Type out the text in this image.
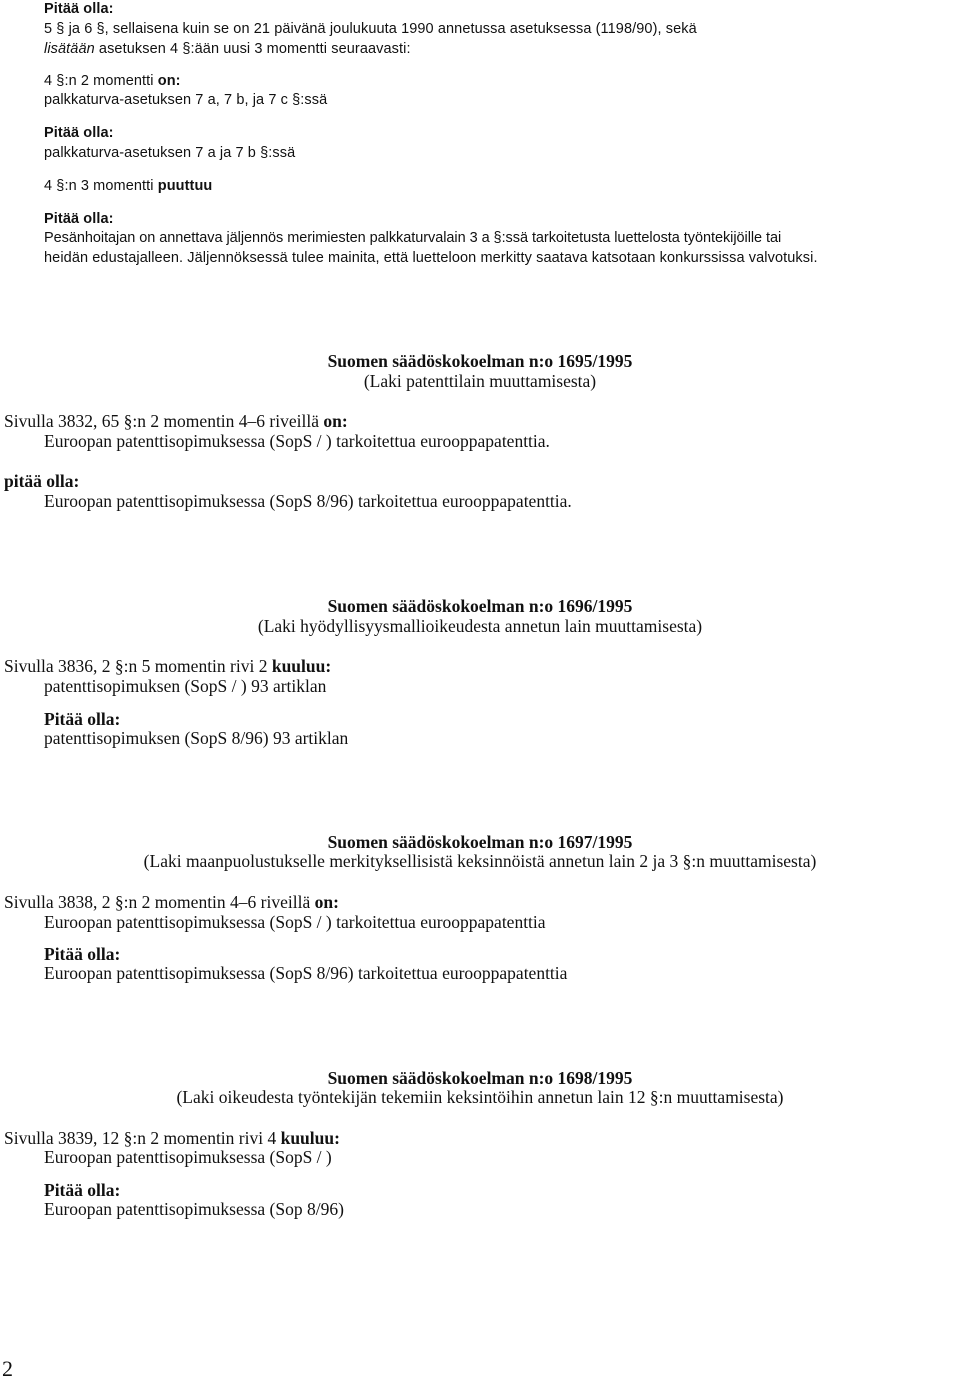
Pitää olla:
5 § ja 6 §, sellaisena kuin se on 21 päivänä joulukuuta 1990 annetussa asetuksessa (1198/90), sekä
lisätään asetuksen 4 §:ään uusi 3 momentti seuraavasti:
4 §:n 2 momentti on:
palkkaturva-asetuksen 7 a, 7 b, ja 7 c §:ssä
Pitää olla:
palkkaturva-asetuksen 7 a ja 7 b §:ssä
4 §:n 3 momentti puuttuu
Pitää olla:
Pesänhoitajan on annettava jäljennös merimiesten palkkaturvalain 3 a §:ssä tarkoitetusta luettelosta työntekijöille tai
heidän edustajalleen. Jäljennöksessä tulee mainita, että luetteloon merkitty saatava katsotaan konkurssissa valvotuksi.
Suomen säädöskokoelman n:o 1695/1995
(Laki patenttilain muuttamisesta)
Sivulla 3832, 65 §:n 2 momentin 4–6 riveillä on:
Euroopan patenttisopimuksessa (SopS / ) tarkoitettua eurooppapatenttia.
pitää olla:
Euroopan patenttisopimuksessa (SopS 8/96) tarkoitettua eurooppapatenttia.
Suomen säädöskokoelman n:o 1696/1995
(Laki hyödyllisyysmallioikeudesta annetun lain muuttamisesta)
Sivulla 3836, 2 §:n 5 momentin rivi 2 kuuluu:
patenttisopimuksen (SopS / ) 93 artiklan
Pitää olla:
patenttisopimuksen (SopS 8/96) 93 artiklan
Suomen säädöskokoelman n:o 1697/1995
(Laki maanpuolustukselle merkityksellisistä keksinnöistä annetun lain 2 ja 3 §:n muuttamisesta)
Sivulla 3838, 2 §:n 2 momentin 4–6 riveillä on:
Euroopan patenttisopimuksessa (SopS / ) tarkoitettua eurooppapatenttia
Pitää olla:
Euroopan patenttisopimuksessa (SopS 8/96) tarkoitettua eurooppapatenttia
Suomen säädöskokoelman n:o 1698/1995
(Laki oikeudesta työntekijän tekemiin keksintöihin annetun lain 12 §:n muuttamisesta)
Sivulla 3839, 12 §:n 2 momentin rivi 4 kuuluu:
Euroopan patenttisopimuksessa (SopS / )
Pitää olla:
Euroopan patenttisopimuksessa (Sop 8/96)
2
